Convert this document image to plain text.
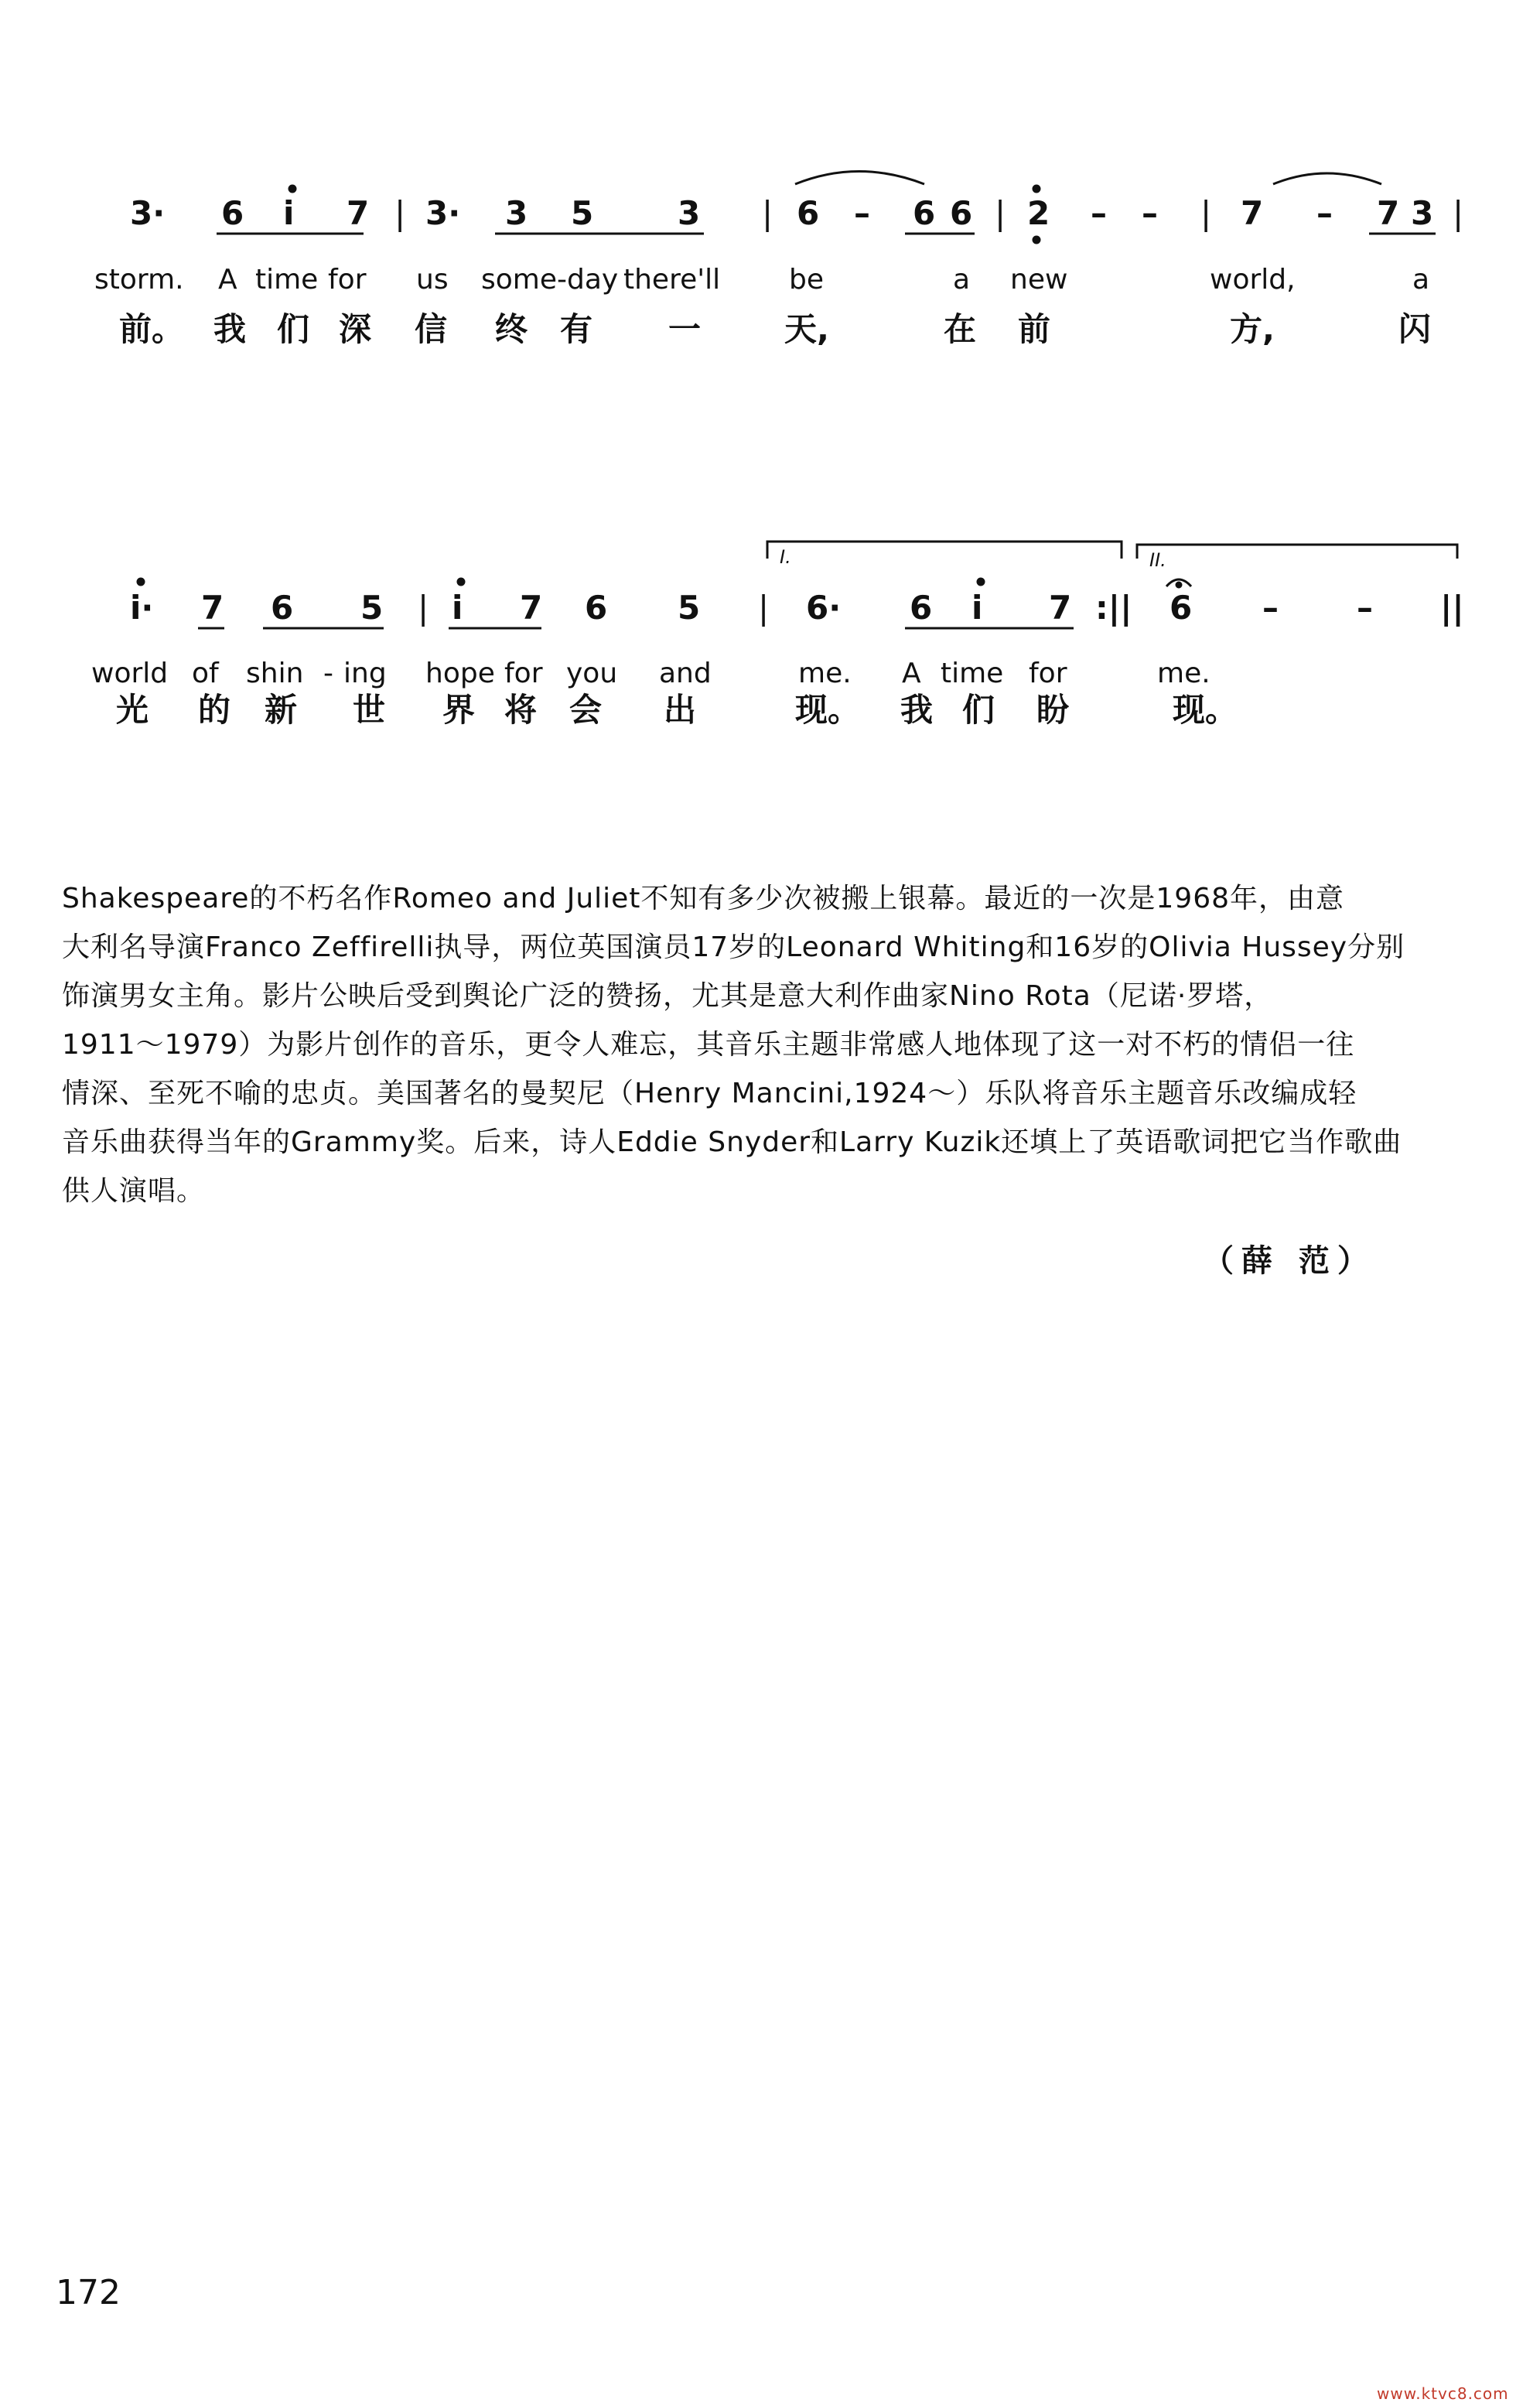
3· 6 i 7 | 3· 3 5	3 | 6 – 6 6 | 2 – – | 7 – 7 3 |
storm. A time for us some-day there'll be	a new	world,	a
前。 我 们 深 信 终 有 一	天,	在 前	方,	闪
I.	II.
i· 7 6 5 | i 7 6 5 | 6· 6 i 7 :|| 6 – – ||
world of shin - ing hope for you and	me. A time for	me.
光 的 新 世 界 将 会 出	现。 我 们 盼	现。

Shakespeare的不朽名作Romeo and Juliet不知有多少次被搬上银幕。最近的一次是1968年，由意

大利名导演Franco Zeffirelli执导，两位英国演员17岁的Leonard Whiting和16岁的Olivia Hussey分别

饰演男女主角。影片公映后受到舆论广泛的赞扬，尤其是意大利作曲家Nino Rota（尼诺·罗塔，

1911～1979）为影片创作的音乐，更令人难忘，其音乐主题非常感人地体现了这一对不朽的情侣一往

情深、至死不喻的忠贞。美国著名的曼契尼（Henry Mancini,1924～）乐队将音乐主题音乐改编成轻

音乐曲获得当年的Grammy奖。后来，诗人Eddie Snyder和Larry Kuzik还填上了英语歌词把它当作歌曲

供人演唱。

（薛 范）
172
www.ktvc8.com
